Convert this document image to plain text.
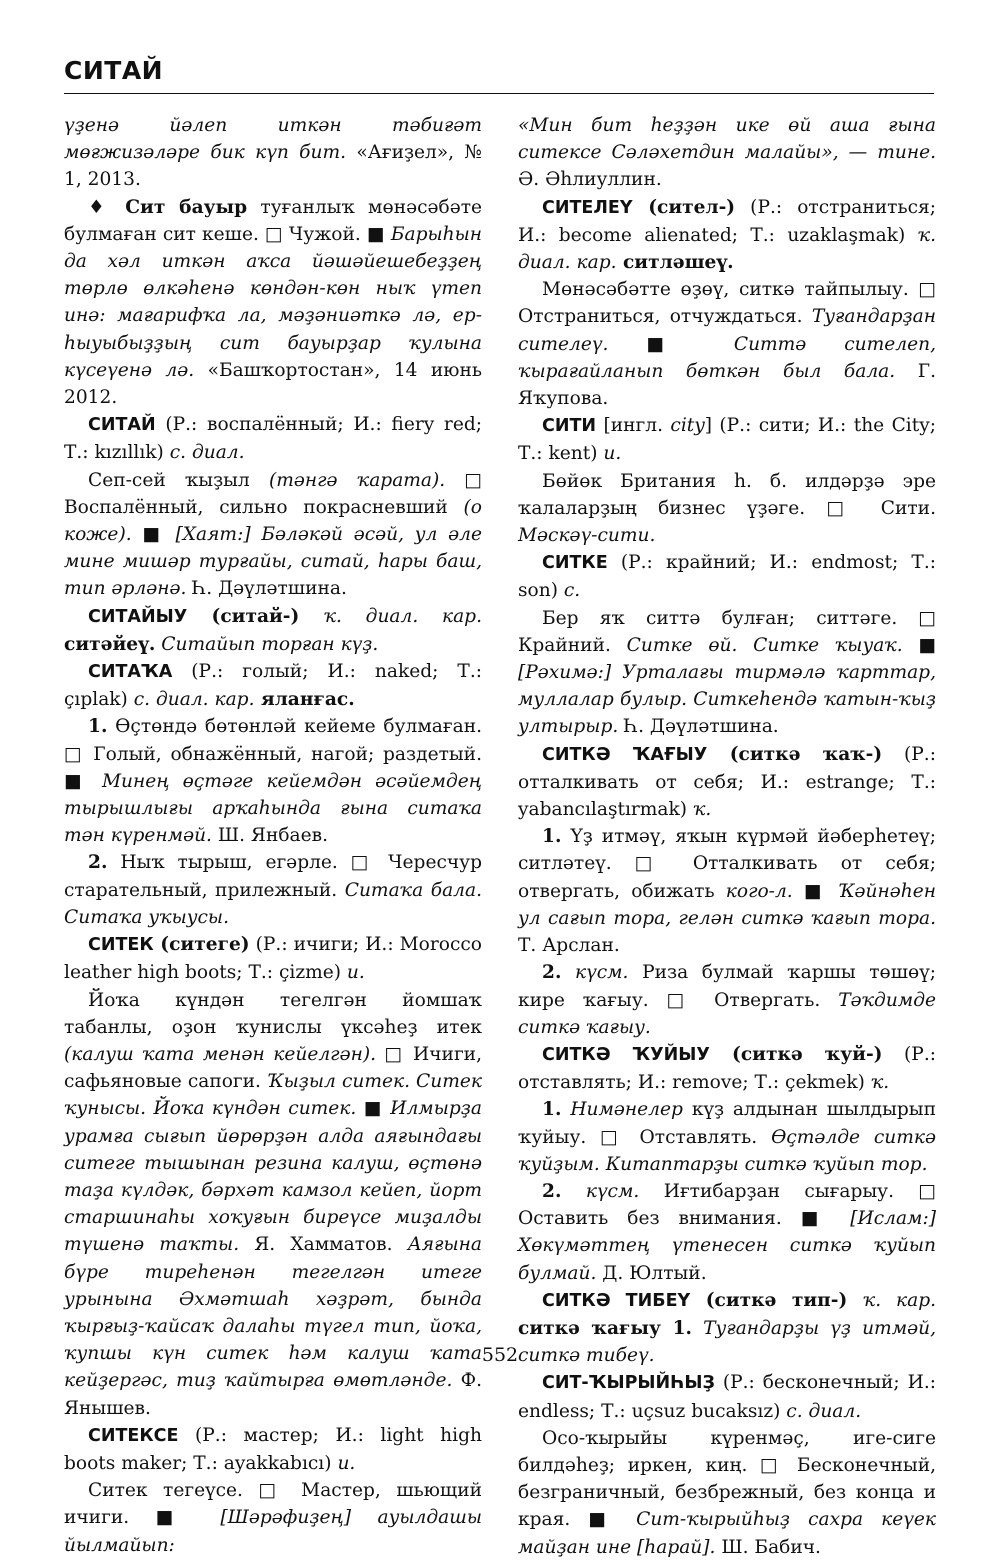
СИТАЙ

үҙенә йәлеп иткән тәбиғәт мөғжизәләре бик күп бит. «Ағиҙел», № 1, 2013.

♦ Сит бауыр туғанлыҡ мөнәсәбәте булмаған сит кеше. □ Чужой. ■ Барыһын да хәл иткән аҡса йәшәйешебеҙҙең төрлө өлкәһенә көндән-көн ныҡ үтеп инә: мағарифҡа ла, мәҙәниәткә лә, ер-һыуыбыҙҙың сит бауырҙар ҡулына күсеүенә лә. «Башҡортостан», 14 июнь 2012.

СИТАЙ (Р.: воспалённый; И.: fiery red; Т.: kızıllık) с. диал.

Сеп-сей ҡыҙыл (тәнгә ҡарата). □ Воспалённый, сильно покрасневший (о коже). ■ [Хаят:] Бәләкәй әсәй, ул әле мине мишәр турғайы, ситай, һары баш, тип әрләнә. Һ. Дәүләтшина.

СИТАЙЫУ (ситай-) ҡ. диал. кар. ситәйеү. Ситайып торған күҙ.

СИТАҠА (Р.: голый; И.: naked; Т.: çıplak) с. диал. кар. яланғас.

1. Өҫтөндә бөтөнләй кейеме булмаған. □ Голый, обнажённый, нагой; раздетый. ■ Минең өҫтәге кейемдән әсәйемдең тырышлығы арҡаһында ғына ситаҡа тән күренмәй. Ш. Янбаев.

2. Ныҡ тырыш, егәрле. □ Чересчур старательный, прилежный. Ситаҡа бала. Ситаҡа уҡыусы.

СИТЕК (ситеге) (Р.: ичиги; И.: Morocco leather high boots; Т.: çizme) и.

Йоҡа күндән тегелгән йомшаҡ табанлы, оҙон ҡунислы үксәһеҙ итек (калуш ҡата менән кейелгән). □ Ичиги, сафьяновые сапоги. Ҡыҙыл ситек. Ситек ҡунысы. Йоҡа күндән ситек. ■ Илмырҙа урамға сығып йөрөрҙән алда аяғындағы ситеге тышынан резина калуш, өҫтөнә таҙа күлдәк, бәрхәт камзол кейеп, йорт старшинаһы хоҡуғын биреүсе миҙалды түшенә таҡты. Я. Хамматов. Аяғына бүре тиреһенән тегелгән итеге урынына Әхмәтшаһ хәҙрәт, бында ҡырғыҙ-ҡайсаҡ далаһы түгел тип, йоҡа, ҡупшы күн ситек һәм калуш ҡата кейҙергәс, тиҙ ҡайтырға өмөтләнде. Ф. Янышев.

СИТЕКСЕ (Р.: мастер; И.: light high boots maker; Т.: ayakkabıcı) и.

Ситек тегеүсе. □ Мастер, шьющий ичиги. ■ [Шәрәфиҙең] ауылдашы йылмайып:

«Мин бит һеҙҙән ике өй аша ғына ситексе Сәләхетдин малайы», — тине. Ә. Әһлиуллин.

СИТЕЛЕҮ (сител-) (Р.: отстраниться; И.: become alienated; Т.: uzaklaşmak) ҡ. диал. кар. ситләшеү.

Мөнәсәбәтте өҙөү, ситкә тайпылыу. □ Отстраниться, отчуждаться. Туғандарҙан сителеү. ■ Ситтә сителеп, ҡырағайланып бөткән был бала. Г. Яҡупова.

СИТИ [ингл. city] (Р.: сити; И.: the City; Т.: kent) и.

Бөйөк Британия һ. б. илдәрҙә эре ҡалаларҙың бизнес үҙәге. □ Сити. Мәскәү-сити.

СИТКЕ (Р.: крайний; И.: endmost; Т.: son) с.

Бер яҡ ситтә булған; ситтәге. □ Крайний. Ситке өй. Ситке ҡыуаҡ. ■ [Рәхимә:] Урталағы тирмәлә ҡарттар, муллалар булыр. Ситкеһендә ҡатын-ҡыҙ ултырыр. Һ. Дәүләтшина.

СИТКӘ ҠАҒЫУ (ситкә ҡаҡ-) (Р.: отталкивать от себя; И.: estrange; Т.: yabancılaştırmak) ҡ.

1. Үҙ итмәү, яҡын күрмәй йәберһетеү; ситләтеү. □ Отталкивать от себя; отвергать, обижать кого-л. ■ Ҡәйнәһен ул сағып тора, гелән ситкә ҡағып тора. Т. Арслан.

2. күсм. Риза булмай ҡаршы төшөү; кире ҡағыу. □ Отвергать. Тәҡдимде ситкә ҡағыу.

СИТКӘ ҠУЙЫУ (ситкә ҡуй-) (Р.: отставлять; И.: remove; Т.: çekmek) ҡ.

1. Нимәнелер күҙ алдынан шылдырып ҡуйыу. □ Отставлять. Өҫтәлде ситкә ҡуйҙым. Китаптарҙы ситкә ҡуйып тор.

2. күсм. Иғтибарҙан сығарыу. □ Оставить без внимания. ■ [Ислам:] Хөкүмәттең үтенесен ситкә ҡуйып булмай. Д. Юлтый.

СИТКӘ ТИБЕҮ (ситкә тип-) ҡ. кар. ситкә ҡағыу 1. Туғандарҙы үҙ итмәй, ситкә тибеү.

СИТ-ҠЫРЫЙҺЫҘ (Р.: бесконечный; И.: endless; Т.: uçsuz bucaksız) с. диал.

Осо-ҡырыйы күренмәҫ, иге-сиге билдәһеҙ; иркен, киң. □ Бесконечный, безграничный, безбрежный, без конца и края. ■ Сит-ҡырыйһыҙ сахра кеүек майҙан ине [һарай]. Ш. Бабич.

552
